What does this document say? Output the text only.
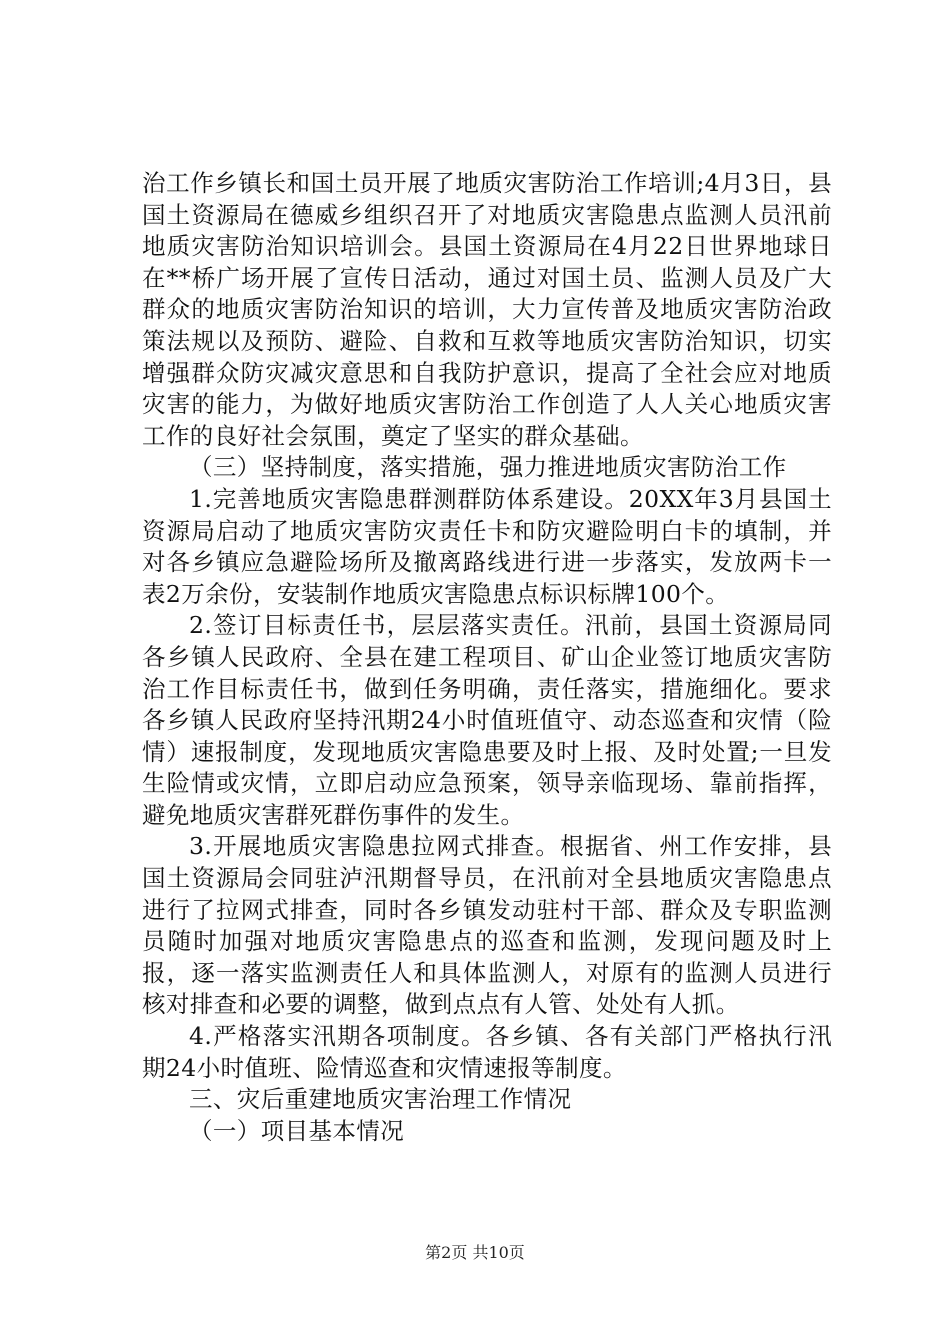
治工作乡镇长和国土员开展了地质灾害防治工作培训;4月3日，县国土资源局在德威乡组织召开了对地质灾害隐患点监测人员汛前地质灾害防治知识培训会。县国土资源局在4月22日世界地球日在**桥广场开展了宣传日活动，通过对国土员、监测人员及广大群众的地质灾害防治知识的培训，大力宣传普及地质灾害防治政策法规以及预防、避险、自救和互救等地质灾害防治知识，切实增强群众防灾减灾意思和自我防护意识，提高了全社会应对地质灾害的能力，为做好地质灾害防治工作创造了人人关心地质灾害工作的良好社会氛围，奠定了坚实的群众基础。

（三）坚持制度，落实措施，强力推进地质灾害防治工作

1.完善地质灾害隐患群测群防体系建设。20XX年3月县国土资源局启动了地质灾害防灾责任卡和防灾避险明白卡的填制，并对各乡镇应急避险场所及撤离路线进行进一步落实，发放两卡一表2万余份，安装制作地质灾害隐患点标识标牌100个。

2.签订目标责任书，层层落实责任。汛前，县国土资源局同各乡镇人民政府、全县在建工程项目、矿山企业签订地质灾害防治工作目标责任书，做到任务明确，责任落实，措施细化。要求各乡镇人民政府坚持汛期24小时值班值守、动态巡查和灾情（险情）速报制度，发现地质灾害隐患要及时上报、及时处置;一旦发生险情或灾情，立即启动应急预案，领导亲临现场、靠前指挥，避免地质灾害群死群伤事件的发生。

3.开展地质灾害隐患拉网式排查。根据省、州工作安排，县国土资源局会同驻泸汛期督导员，在汛前对全县地质灾害隐患点进行了拉网式排查，同时各乡镇发动驻村干部、群众及专职监测员随时加强对地质灾害隐患点的巡查和监测，发现问题及时上报，逐一落实监测责任人和具体监测人，对原有的监测人员进行核对排查和必要的调整，做到点点有人管、处处有人抓。

4.严格落实汛期各项制度。各乡镇、各有关部门严格执行汛期24小时值班、险情巡查和灾情速报等制度。

三、灾后重建地质灾害治理工作情况

（一）项目基本情况

第2页 共10页
